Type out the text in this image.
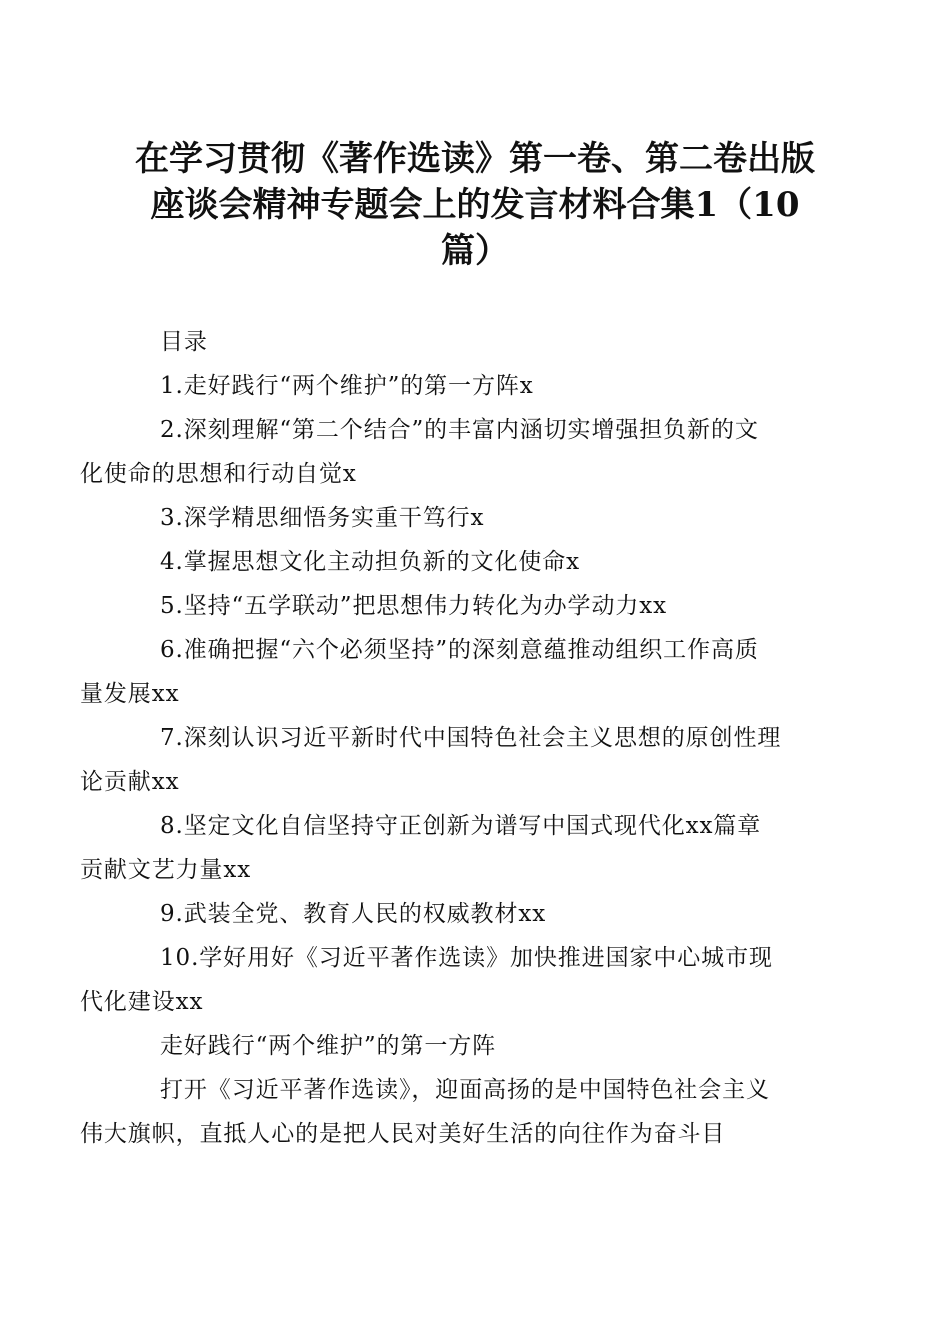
在学习贯彻《著作选读》第一卷、第二卷出版
座谈会精神专题会上的发言材料合集1（10
篇）

目录

1.走好践行“两个维护”的第一方阵x

2.深刻理解“第二个结合”的丰富内涵切实增强担负新的文
化使命的思想和行动自觉x

3.深学精思细悟务实重干笃行x

4.掌握思想文化主动担负新的文化使命x

5.坚持“五学联动”把思想伟力转化为办学动力xx

6.准确把握“六个必须坚持”的深刻意蕴推动组织工作高质
量发展xx

7.深刻认识习近平新时代中国特色社会主义思想的原创性理
论贡献xx

8.坚定文化自信坚持守正创新为谱写中国式现代化xx篇章
贡献文艺力量xx

9.武装全党、教育人民的权威教材xx

10.学好用好《习近平著作选读》加快推进国家中心城市现
代化建设xx

走好践行“两个维护”的第一方阵

打开《习近平著作选读》，迎面高扬的是中国特色社会主义
伟大旗帜，直抵人心的是把人民对美好生活的向往作为奋斗目
